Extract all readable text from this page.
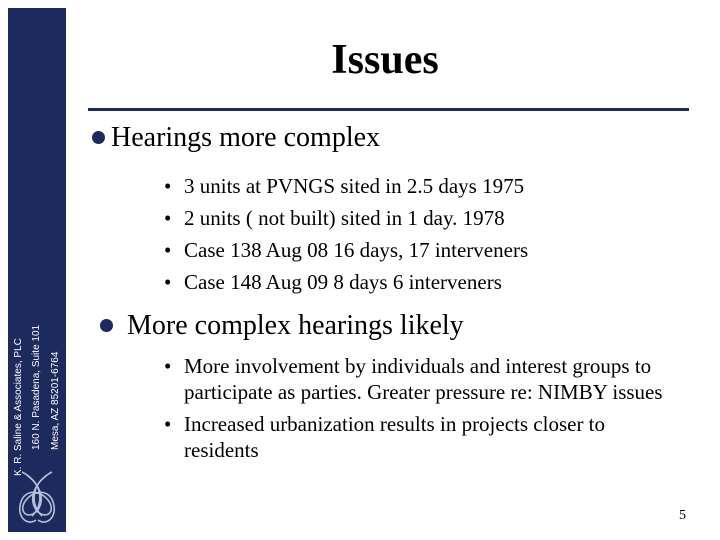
K. R. Saline & Associates, PLC 160 N. Pasadena, Suite 101 Mesa, AZ 85201-6764
Issues
Hearings more complex
• 3 units at PVNGS sited in 2.5 days 1975
• 2 units ( not built) sited in 1 day. 1978
• Case 138 Aug 08 16 days, 17 interveners
• Case 148 Aug 09 8 days 6 interveners
More complex hearings likely
• More involvement by individuals and interest groups to participate as parties. Greater pressure re: NIMBY issues
• Increased urbanization results in projects closer to residents
5
